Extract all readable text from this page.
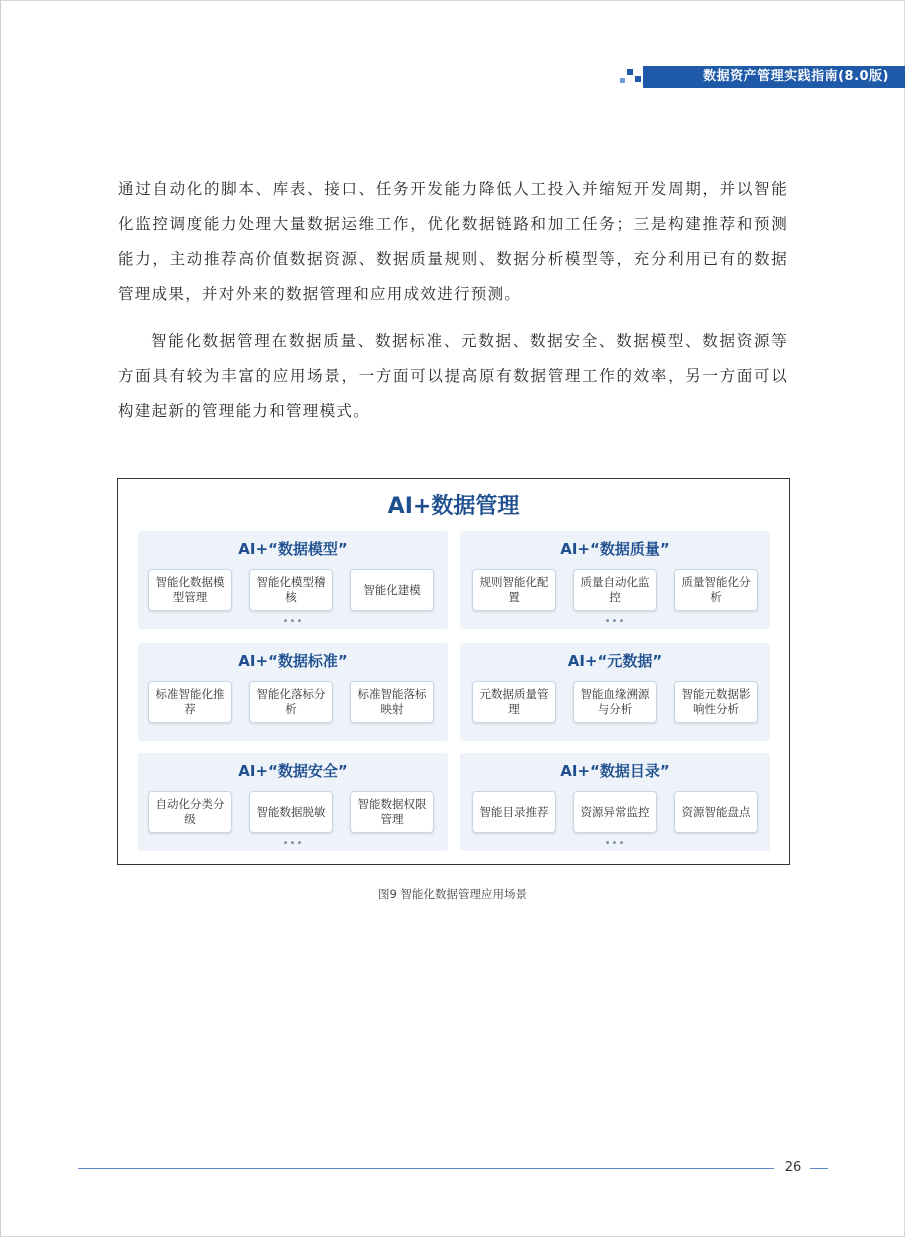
数据资产管理实践指南(8.0版)
通过自动化的脚本、库表、接口、任务开发能力降低人工投入并缩短开发周期，并以智能化监控调度能力处理大量数据运维工作，优化数据链路和加工任务；三是构建推荐和预测能力，主动推荐高价值数据资源、数据质量规则、数据分析模型等，充分利用已有的数据管理成果，并对外来的数据管理和应用成效进行预测。
智能化数据管理在数据质量、数据标准、元数据、数据安全、数据模型、数据资源等方面具有较为丰富的应用场景，一方面可以提高原有数据管理工作的效率，另一方面可以构建起新的管理能力和管理模式。
AI+数据管理
AI+“数据模型”
智能化数据模型管理
智能化模型稽核
智能化建模
•••
AI+“数据质量”
规则智能化配置
质量自动化监控
质量智能化分析
•••
AI+“数据标准”
标准智能化推荐
智能化落标分析
标准智能落标映射
AI+“元数据”
元数据质量管理
智能血缘溯源与分析
智能元数据影响性分析
AI+“数据安全”
自动化分类分级
智能数据脱敏
智能数据权限管理
•••
AI+“数据目录”
智能目录推荐	资源异常监控	资源智能盘点
•••
图9 智能化数据管理应用场景
26
